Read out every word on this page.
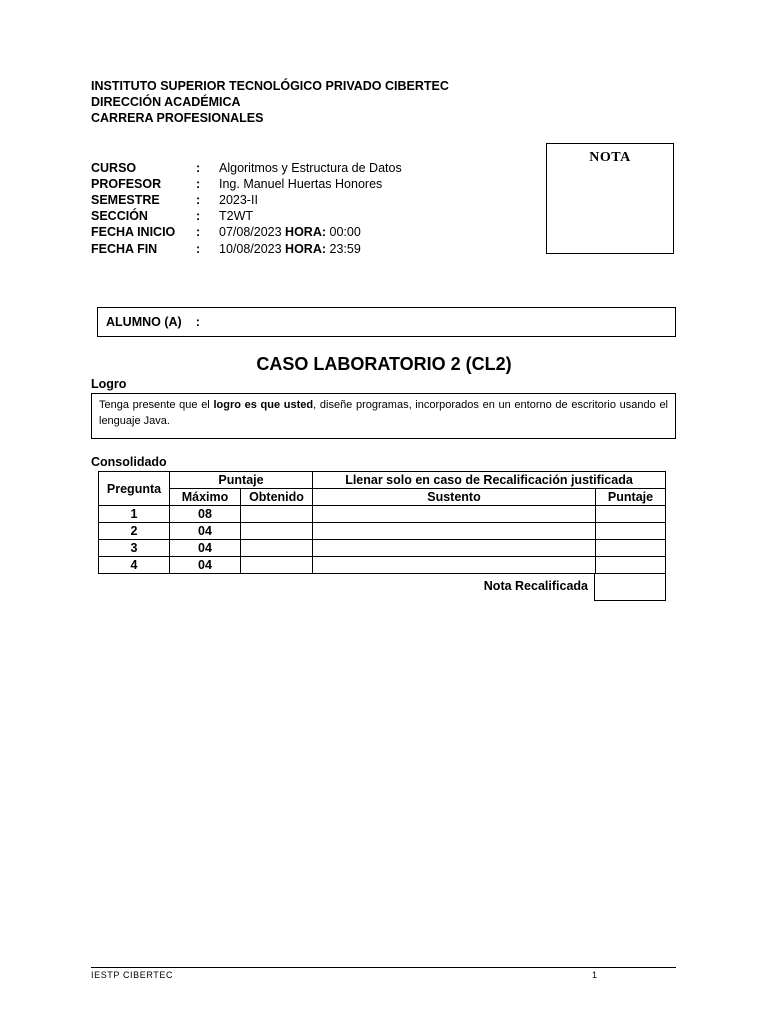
INSTITUTO SUPERIOR TECNOLÓGICO PRIVADO CIBERTEC
DIRECCIÓN ACADÉMICA
CARRERA PROFESIONALES
CURSO	: Algoritmos y Estructura de Datos
PROFESOR	: Ing. Manuel Huertas Honores
SEMESTRE	: 2023-II
SECCIÓN	: T2WT
FECHA INICIO : 07/08/2023 HORA: 00:00
FECHA FIN	: 10/08/2023 HORA: 23:59
NOTA
ALUMNO (A) :
CASO LABORATORIO 2 (CL2)
Logro
Tenga presente que el logro es que usted, diseñe programas, incorporados en un entorno de escritorio usando el lenguaje Java.
Consolidado
Pregunta	Puntaje		Llenar solo en caso de Recalificación justificada	
	Máximo	Obtenido	Sustento	Puntaje
1	08			
2	04			
3	04			
4	04			
Nota Recalificada
IESTP CIBERTEC	1
